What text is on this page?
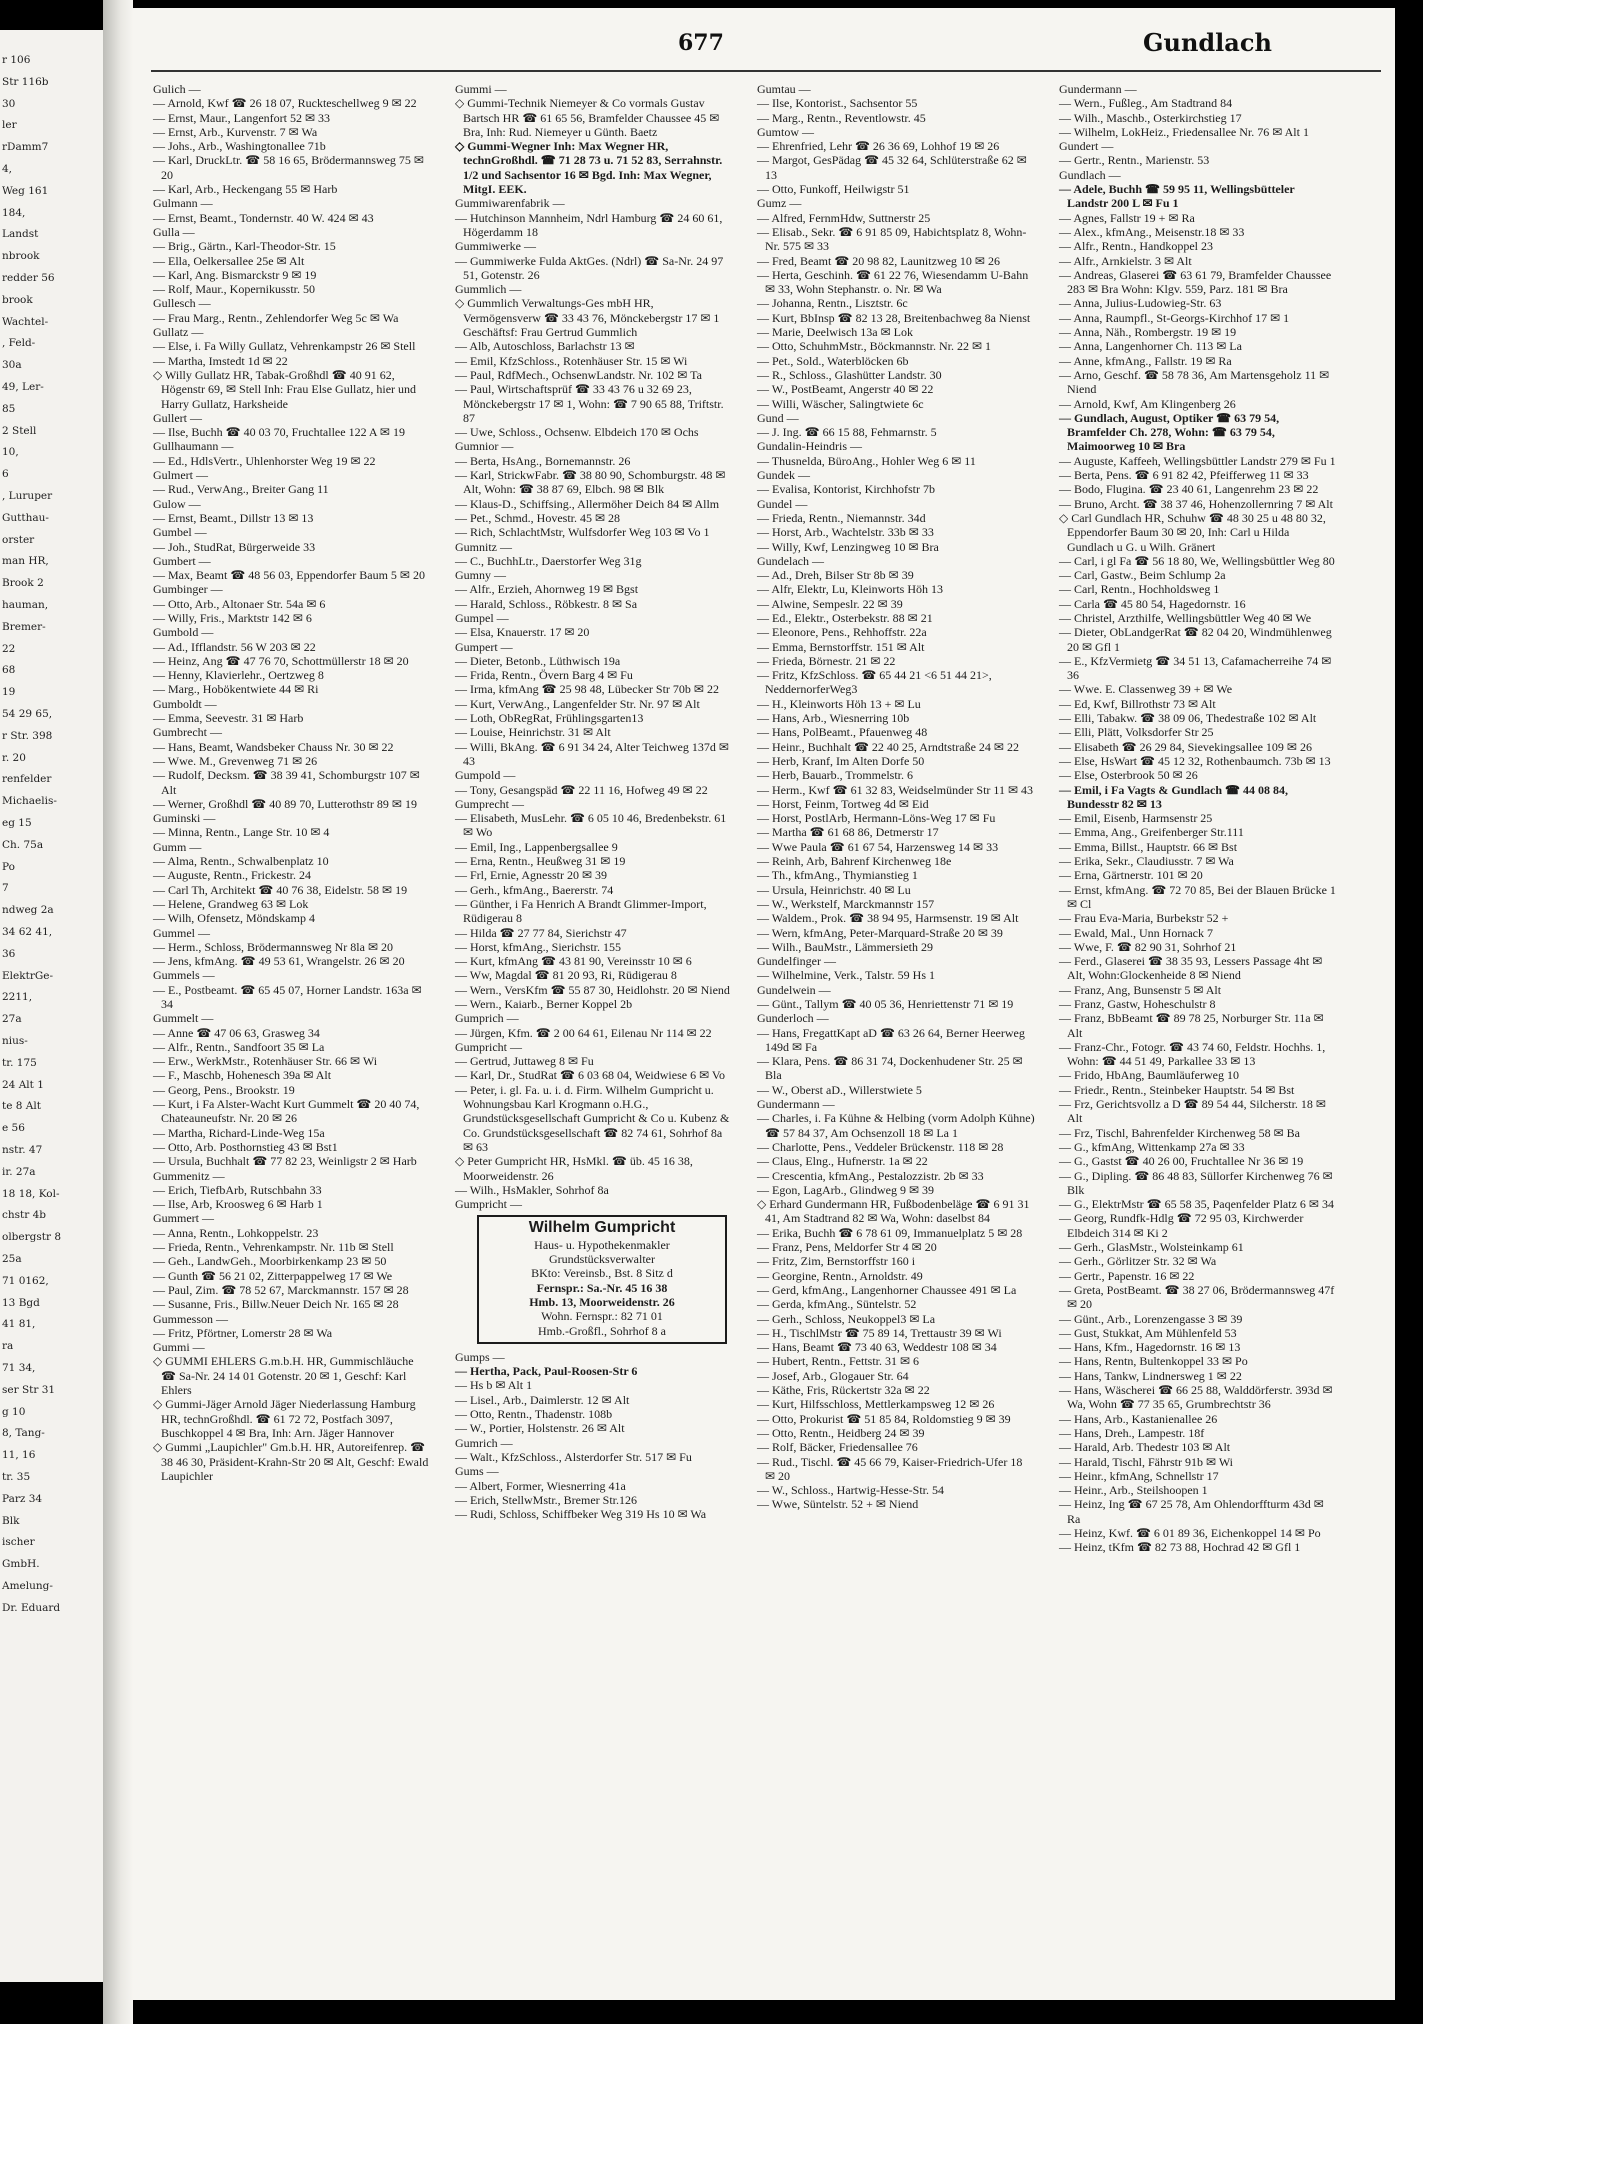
r 106
Str 116b
30
ler
rDamm7
4,
Weg 161
184,
Landst
nbrook
redder 56
brook
Wachtel-
, Feld-
30a
49, Ler-
85
2 Stell
10,
6
, Luruper
Gutthau-
orster
man HR,
Brook 2
hauman,
Bremer-
22
68
19
54 29 65,
r Str. 398
r. 20
renfelder
Michaelis-
eg 15
Ch. 75a
Po
7
ndweg 2a
34 62 41,
36
ElektrGe-
2211,
27a
nius-
tr. 175
24 Alt 1
te 8 Alt
e 56
nstr. 47
ir. 27a
18 18, Kol-
chstr 4b
olbergstr 8
25a
71 0162,
13 Bgd
41 81,
ra
71 34,
ser Str 31
g 10
8, Tang-
11, 16
tr. 35
Parz 34
Blk
ischer
GmbH.
Amelung-
Dr. Eduard
677	Gundlach
Gulich —
— Arnold, Kwf ☎ 26 18 07, Ruckteschellweg 9 ✉ 22
— Ernst, Maur., Langenfort 52 ✉ 33
— Ernst, Arb., Kurvenstr. 7 ✉ Wa
— Johs., Arb., Washingtonallee 71b
— Karl, DruckLtr. ☎ 58 16 65, Brödermannsweg 75 ✉ 20
— Karl, Arb., Heckengang 55 ✉ Harb
Gulmann —
— Ernst, Beamt., Tondernstr. 40 W. 424 ✉ 43
Gulla —
— Brig., Gärtn., Karl-Theodor-Str. 15
— Ella, Oelkersallee 25e ✉ Alt
— Karl, Ang. Bismarckstr 9 ✉ 19
— Rolf, Maur., Kopernikusstr. 50
Gullesch —
— Frau Marg., Rentn., Zehlendorfer Weg 5c ✉ Wa
Gullatz —
— Else, i. Fa Willy Gullatz, Vehrenkampstr 26 ✉ Stell
— Martha, Imstedt 1d ✉ 22
◇ Willy Gullatz HR, Tabak-Großhdl ☎ 40 91 62, Högenstr 69, ✉ Stell Inh: Frau Else Gullatz, hier und Harry Gullatz, Harksheide
Gullert —
— Ilse, Buchh ☎ 40 03 70, Fruchtallee 122 A ✉ 19
Gullhaumann —
— Ed., HdlsVertr., Uhlenhorster Weg 19 ✉ 22
Gulmert —
— Rud., VerwAng., Breiter Gang 11
Gulow —
— Ernst, Beamt., Dillstr 13 ✉ 13
Gumbel —
— Joh., StudRat, Bürgerweide 33
Gumbert —
— Max, Beamt ☎ 48 56 03, Eppendorfer Baum 5 ✉ 20
Gumbinger —
— Otto, Arb., Altonaer Str. 54a ✉ 6
— Willy, Fris., Marktstr 142 ✉ 6
Gumbold —
— Ad., Ifflandstr. 56 W 203 ✉ 22
— Heinz, Ang ☎ 47 76 70, Schottmüllerstr 18 ✉ 20
— Henny, Klavierlehr., Oertzweg 8
— Marg., Hobökentwiete 44 ✉ Ri
Gumboldt —
— Emma, Seevestr. 31 ✉ Harb
Gumbrecht —
— Hans, Beamt, Wandsbeker Chauss Nr. 30 ✉ 22
— Wwe. M., Grevenweg 71 ✉ 26
— Rudolf, Decksm. ☎ 38 39 41, Schomburgstr 107 ✉ Alt
— Werner, Großhdl ☎ 40 89 70, Lutterothstr 89 ✉ 19
Guminski —
— Minna, Rentn., Lange Str. 10 ✉ 4
Gumm —
— Alma, Rentn., Schwalbenplatz 10
— Auguste, Rentn., Frickestr. 24
— Carl Th, Architekt ☎ 40 76 38, Eidelstr. 58 ✉ 19
— Helene, Grandweg 63 ✉ Lok
— Wilh, Ofensetz, Möndskamp 4
Gummel —
— Herm., Schloss, Brödermannsweg Nr 8la ✉ 20
— Jens, kfmAng. ☎ 49 53 61, Wrangelstr. 26 ✉ 20
Gummels —
— E., Postbeamt. ☎ 65 45 07, Horner Landstr. 163a ✉ 34
Gummelt —
— Anne ☎ 47 06 63, Grasweg 34
— Alfr., Rentn., Sandfoort 35 ✉ La
— Erw., WerkMstr., Rotenhäuser Str. 66 ✉ Wi
— F., Maschb, Hohenesch 39a ✉ Alt
— Georg, Pens., Brookstr. 19
— Kurt, i Fa Alster-Wacht Kurt Gummelt ☎ 20 40 74, Chateauneufstr. Nr. 20 ✉ 26
— Martha, Richard-Linde-Weg 15a
— Otto, Arb. Posthornstieg 43 ✉ Bst1
— Ursula, Buchhalt ☎ 77 82 23, Weinligstr 2 ✉ Harb
Gummenitz —
— Erich, TiefbArb, Rutschbahn 33
— Ilse, Arb, Kroosweg 6 ✉ Harb 1
Gummert —
— Anna, Rentn., Lohkoppelstr. 23
— Frieda, Rentn., Vehrenkampstr. Nr. 11b ✉ Stell
— Geh., LandwGeh., Moorbirkenkamp 23 ✉ 50
— Gunth ☎ 56 21 02, Zitterpappelweg 17 ✉ We
— Paul, Zim. ☎ 78 52 67, Marckmannstr. 157 ✉ 28
— Susanne, Fris., Billw.Neuer Deich Nr. 165 ✉ 28
Gummesson —
— Fritz, Pförtner, Lomerstr 28 ✉ Wa
Gummi —
◇ GUMMI EHLERS G.m.b.H. HR, Gummischläuche ☎ Sa-Nr. 24 14 01 Gotenstr. 20 ✉ 1, Geschf: Karl Ehlers
◇ Gummi-Jäger Arnold Jäger Niederlassung Hamburg HR, technGroßhdl. ☎ 61 72 72, Postfach 3097, Buschkoppel 4 ✉ Bra, Inh: Arn. Jäger Hannover
◇ Gummi „Laupichler" Gm.b.H. HR, Autoreifenrep. ☎ 38 46 30, Präsident-Krahn-Str 20 ✉ Alt, Geschf: Ewald Laupichler
Gummi —
◇ Gummi-Technik Niemeyer & Co vormals Gustav Bartsch HR ☎ 61 65 56, Bramfelder Chaussee 45 ✉ Bra, Inh: Rud. Niemeyer u Günth. Baetz
◇ Gummi-Wegner Inh: Max Wegner HR, technGroßhdl. ☎ 71 28 73 u. 71 52 83, Serrahnstr. 1/2 und Sachsentor 16 ✉ Bgd. Inh: Max Wegner, MitgI. EEK.
Gummiwarenfabrik —
— Hutchinson Mannheim, Ndrl Hamburg ☎ 24 60 61, Högerdamm 18
Gummiwerke —
— Gummiwerke Fulda AktGes. (Ndrl) ☎ Sa-Nr. 24 97 51, Gotenstr. 26
Gummlich —
◇ Gummlich Verwaltungs-Ges mbH HR, Vermögensverw ☎ 33 43 76, Mönckebergstr 17 ✉ 1 Geschäftsf: Frau Gertrud Gummlich
— Alb, Autoschloss, Barlachstr 13 ✉
— Emil, KfzSchloss., Rotenhäuser Str. 15 ✉ Wi
— Paul, RdfMech., OchsenwLandstr. Nr. 102 ✉ Ta
— Paul, Wirtschaftsprüf ☎ 33 43 76 u 32 69 23, Mönckebergstr 17 ✉ 1, Wohn: ☎ 7 90 65 88, Triftstr. 87
— Uwe, Schloss., Ochsenw. Elbdeich 170 ✉ Ochs
Gumnior —
— Berta, HsAng., Bornemannstr. 26
— Karl, StrickwFabr. ☎ 38 80 90, Schomburgstr. 48 ✉ Alt, Wohn: ☎ 38 87 69, Elbch. 98 ✉ Blk
— Klaus-D., Schiffsing., Allermöher Deich 84 ✉ Allm
— Pet., Schmd., Hovestr. 45 ✉ 28
— Rich, SchlachtMstr, Wulfsdorfer Weg 103 ✉ Vo 1
Gumnitz —
— C., BuchhLtr., Daerstorfer Weg 31g
Gumny —
— Alfr., Erzieh, Ahornweg 19 ✉ Bgst
— Harald, Schloss., Röbkestr. 8 ✉ Sa
Gumpel —
— Elsa, Knauerstr. 17 ✉ 20
Gumpert —
— Dieter, Betonb., Lüthwisch 19a
— Frida, Rentn., Övern Barg 4 ✉ Fu
— Irma, kfmAng ☎ 25 98 48, Lübecker Str 70b ✉ 22
— Kurt, VerwAng., Langenfelder Str. Nr. 97 ✉ Alt
— Loth, ObRegRat, Frühlingsgarten13
— Louise, Heinrichstr. 31 ✉ Alt
— Willi, BkAng. ☎ 6 91 34 24, Alter Teichweg 137d ✉ 43
Gumpold —
— Tony, Gesangspäd ☎ 22 11 16, Hofweg 49 ✉ 22
Gumprecht —
— Elisabeth, MusLehr. ☎ 6 05 10 46, Bredenbekstr. 61 ✉ Wo
— Emil, Ing., Lappenbergsallee 9
— Erna, Rentn., Heußweg 31 ✉ 19
— Frl, Ernie, Agnesstr 20 ✉ 39
— Gerh., kfmAng., Baererstr. 74
— Günther, i Fa Henrich A Brandt Glimmer-Import, Rüdigerau 8
— Hilda ☎ 27 77 84, Sierichstr 47
— Horst, kfmAng., Sierichstr. 155
— Kurt, kfmAng ☎ 43 81 90, Vereinsstr 10 ✉ 6
— Ww, Magdal ☎ 81 20 93, Ri, Rüdigerau 8
— Wern., VersKfm ☎ 55 87 30, Heidlohstr. 20 ✉ Niend
— Wern., Kaiarb., Berner Koppel 2b
Gumprich —
— Jürgen, Kfm. ☎ 2 00 64 61, Eilenau Nr 114 ✉ 22
Gumpricht —
— Gertrud, Juttaweg 8 ✉ Fu
— Karl, Dr., StudRat ☎ 6 03 68 04, Weidwiese 6 ✉ Vo
— Peter, i. gl. Fa. u. i. d. Firm. Wilhelm Gumpricht u. Wohnungsbau Karl Krogmann o.H.G., Grundstücksgesellschaft Gumpricht & Co u. Kubenz & Co. Grundstücksgesellschaft ☎ 82 74 61, Sohrhof 8a ✉ 63
◇ Peter Gumpricht HR, HsMkl. ☎ üb. 45 16 38, Moorweidenstr. 26
— Wilh., HsMakler, Sohrhof 8a
Gumpricht —
Wilhelm Gumpricht
Haus- u. Hypothekenmakler
Grundstücksverwalter
BKto: Vereinsb., Bst. 8 Sitz d
Fernspr.: Sa.-Nr. 45 16 38
Hmb. 13, Moorweidenstr. 26
Wohn. Fernspr.: 82 71 01
Hmb.-Großfl., Sohrhof 8 a
Gumps —
— Hertha, Pack, Paul-Roosen-Str 6
— Hs b ✉ Alt 1
— Lisel., Arb., Daimlerstr. 12 ✉ Alt
— Otto, Rentn., Thadenstr. 108b
— W., Portier, Holstenstr. 26 ✉ Alt
Gumrich —
— Walt., KfzSchloss., Alsterdorfer Str. 517 ✉ Fu
Gums —
— Albert, Former, Wiesnerring 41a
— Erich, StellwMstr., Bremer Str.126
— Rudi, Schloss, Schiffbeker Weg 319 Hs 10 ✉ Wa
Gumtau —
— Ilse, Kontorist., Sachsentor 55
— Marg., Rentn., Reventlowstr. 45
Gumtow —
— Ehrenfried, Lehr ☎ 26 36 69, Lohhof 19 ✉ 26
— Margot, GesPädag ☎ 45 32 64, Schlüterstraße 62 ✉ 13
— Otto, Funkoff, Heilwigstr 51
Gumz —
— Alfred, FernmHdw, Suttnerstr 25
— Elisab., Sekr. ☎ 6 91 85 09, Habichtsplatz 8, Wohn-Nr. 575 ✉ 33
— Fred, Beamt ☎ 20 98 82, Launitzweg 10 ✉ 26
— Herta, Geschinh. ☎ 61 22 76, Wiesendamm U-Bahn ✉ 33, Wohn Stephanstr. o. Nr. ✉ Wa
— Johanna, Rentn., Lisztstr. 6c
— Kurt, BbInsp ☎ 82 13 28, Breitenbachweg 8a Nienst
— Marie, Deelwisch 13a ✉ Lok
— Otto, SchuhmMstr., Böckmannstr. Nr. 22 ✉ 1
— Pet., Sold., Waterblöcken 6b
— R., Schloss., Glashütter Landstr. 30
— W., PostBeamt, Angerstr 40 ✉ 22
— Willi, Wäscher, Salingtwiete 6c
Gund —
— J. Ing. ☎ 66 15 88, Fehmarnstr. 5
Gundalin-Heindris —
— Thusnelda, BüroAng., Hohler Weg 6 ✉ 11
Gundek —
— Evalisa, Kontorist, Kirchhofstr 7b
Gundel —
— Frieda, Rentn., Niemannstr. 34d
— Horst, Arb., Wachtelstr. 33b ✉ 33
— Willy, Kwf, Lenzingweg 10 ✉ Bra
Gundelach —
— Ad., Dreh, Bilser Str 8b ✉ 39
— Alfr, Elektr, Lu, Kleinworts Höh 13
— Alwine, Sempeslr. 22 ✉ 39
— Ed., Elektr., Osterbekstr. 88 ✉ 21
— Eleonore, Pens., Rehhoffstr. 22a
— Emma, Bernstorffstr. 151 ✉ Alt
— Frieda, Börnestr. 21 ✉ 22
— Fritz, KfzSchloss. ☎ 65 44 21 <6 51 44 21>, NeddernorferWeg3
— H., Kleinworts Höh 13 + ✉ Lu
— Hans, Arb., Wiesnerring 10b
— Hans, PolBeamt., Pfauenweg 48
— Heinr., Buchhalt ☎ 22 40 25, Arndtstraße 24 ✉ 22
— Herb, Kranf, Im Alten Dorfe 50
— Herb, Bauarb., Trommelstr. 6
— Herm., Kwf ☎ 61 32 83, Weidselmünder Str 11 ✉ 43
— Horst, Feinm, Tortweg 4d ✉ Eid
— Horst, PostlArb, Hermann-Löns-Weg 17 ✉ Fu
— Martha ☎ 61 68 86, Detmerstr 17
— Wwe Paula ☎ 61 67 54, Harzensweg 14 ✉ 33
— Reinh, Arb, Bahrenf Kirchenweg 18e
— Th., kfmAng., Thymianstieg 1
— Ursula, Heinrichstr. 40 ✉ Lu
— W., Werkstelf, Marckmannstr 157
— Waldem., Prok. ☎ 38 94 95, Harmsenstr. 19 ✉ Alt
— Wern, kfmAng, Peter-Marquard-Straße 20 ✉ 39
— Wilh., BauMstr., Lämmersieth 29
Gundelfinger —
— Wilhelmine, Verk., Talstr. 59 Hs 1
Gundelwein —
— Günt., Tallym ☎ 40 05 36, Henriettenstr 71 ✉ 19
Gunderloch —
— Hans, FregattKapt aD ☎ 63 26 64, Berner Heerweg 149d ✉ Fa
— Klara, Pens. ☎ 86 31 74, Dockenhudener Str. 25 ✉ Bla
— W., Oberst aD., Willerstwiete 5
Gundermann —
— Charles, i. Fa Kühne & Helbing (vorm Adolph Kühne) ☎ 57 84 37, Am Ochsenzoll 18 ✉ La 1
— Charlotte, Pens., Veddeler Brückenstr. 118 ✉ 28
— Claus, Elng., Hufnerstr. 1a ✉ 22
— Crescentia, kfmAng., Pestalozzistr. 2b ✉ 33
— Egon, LagArb., Glindweg 9 ✉ 39
◇ Erhard Gundermann HR, Fußbodenbeläge ☎ 6 91 31 41, Am Stadtrand 82 ✉ Wa, Wohn: daselbst 84
— Erika, Buchh ☎ 6 78 61 09, Immanuelplatz 5 ✉ 28
— Franz, Pens, Meldorfer Str 4 ✉ 20
— Fritz, Zim, Bernstorffstr 160 i
— Georgine, Rentn., Arnoldstr. 49
— Gerd, kfmAng., Langenhorner Chaussee 491 ✉ La
— Gerda, kfmAng., Süntelstr. 52
— Gerh., Schloss, Neukoppel3 ✉ La
— H., TischlMstr ☎ 75 89 14, Trettaustr 39 ✉ Wi
— Hans, Beamt ☎ 73 40 63, Weddestr 108 ✉ 34
— Hubert, Rentn., Fettstr. 31 ✉ 6
— Josef, Arb., Glogauer Str. 64
— Käthe, Fris, Rückertstr 32a ✉ 22
— Kurt, Hilfsschloss, Mettlerkampsweg 12 ✉ 26
— Otto, Prokurist ☎ 51 85 84, Roldomstieg 9 ✉ 39
— Otto, Rentn., Heidberg 24 ✉ 39
— Rolf, Bäcker, Friedensallee 76
— Rud., Tischl. ☎ 45 66 79, Kaiser-Friedrich-Ufer 18 ✉ 20
— W., Schloss., Hartwig-Hesse-Str. 54
— Wwe, Süntelstr. 52 + ✉ Niend
Gundermann —
— Wern., Fußleg., Am Stadtrand 84
— Wilh., Maschb., Osterkirchstieg 17
— Wilhelm, LokHeiz., Friedensallee Nr. 76 ✉ Alt 1
Gundert —
— Gertr., Rentn., Marienstr. 53
Gundlach —
— Adele, Buchh ☎ 59 95 11, Wellingsbütteler Landstr 200 L ✉ Fu 1
— Agnes, Fallstr 19 + ✉ Ra
— Alex., kfmAng., Meisenstr.18 ✉ 33
— Alfr., Rentn., Handkoppel 23
— Alfr., Arnkielstr. 3 ✉ Alt
— Andreas, Glaserei ☎ 63 61 79, Bramfelder Chaussee 283 ✉ Bra Wohn: Klgv. 559, Parz. 181 ✉ Bra
— Anna, Julius-Ludowieg-Str. 63
— Anna, Raumpfl., St-Georgs-Kirchhof 17 ✉ 1
— Anna, Näh., Rombergstr. 19 ✉ 19
— Anna, Langenhorner Ch. 113 ✉ La
— Anne, kfmAng., Fallstr. 19 ✉ Ra
— Arno, Geschf. ☎ 58 78 36, Am Martensgeholz 11 ✉ Niend
— Arnold, Kwf, Am Klingenberg 26
— Gundlach, August, Optiker ☎ 63 79 54, Bramfelder Ch. 278, Wohn: ☎ 63 79 54, Maimoorweg 10 ✉ Bra
— Auguste, Kaffeeh, Wellingsbüttler Landstr 279 ✉ Fu 1
— Berta, Pens. ☎ 6 91 82 42, Pfeifferweg 11 ✉ 33
— Bodo, Flugina. ☎ 23 40 61, Langenrehm 23 ✉ 22
— Bruno, Archt. ☎ 38 37 46, Hohenzollernring 7 ✉ Alt
◇ Carl Gundlach HR, Schuhw ☎ 48 30 25 u 48 80 32, Eppendorfer Baum 30 ✉ 20, Inh: Carl u Hilda Gundlach u G. u Wilh. Gränert
— Carl, i gl Fa ☎ 56 18 80, We, Wellingsbüttler Weg 80
— Carl, Gastw., Beim Schlump 2a
— Carl, Rentn., Hochholdsweg 1
— Carla ☎ 45 80 54, Hagedornstr. 16
— Christel, Arzthilfe, Wellingsbüttler Weg 40 ✉ We
— Dieter, ObLandgerRat ☎ 82 04 20, Windmühlenweg 20 ✉ Gfl 1
— E., KfzVermietg ☎ 34 51 13, Cafamacherreihe 74 ✉ 36
— Wwe. E. Classenweg 39 + ✉ We
— Ed, Kwf, Billrothstr 73 ✉ Alt
— Elli, Tabakw. ☎ 38 09 06, Thedestraße 102 ✉ Alt
— Elli, Plätt, Volksdorfer Str 25
— Elisabeth ☎ 26 29 84, Sievekingsallee 109 ✉ 26
— Else, HsWart ☎ 45 12 32, Rothenbaumch. 73b ✉ 13
— Else, Osterbrook 50 ✉ 26
— Emil, i Fa Vagts & Gundlach ☎ 44 08 84, Bundesstr 82 ✉ 13
— Emil, Eisenb, Harmsenstr 25
— Emma, Ang., Greifenberger Str.111
— Emma, Billst., Hauptstr. 66 ✉ Bst
— Erika, Sekr., Claudiusstr. 7 ✉ Wa
— Erna, Gärtnerstr. 101 ✉ 20
— Ernst, kfmAng. ☎ 72 70 85, Bei der Blauen Brücke 1 ✉ Cl
— Frau Eva-Maria, Burbekstr 52 +
— Ewald, Mal., Unn Hornack 7
— Wwe, F. ☎ 82 90 31, Sohrhof 21
— Ferd., Glaserei ☎ 38 35 93, Lessers Passage 4ht ✉ Alt, Wohn:Glockenheide 8 ✉ Niend
— Franz, Ang, Bunsenstr 5 ✉ Alt
— Franz, Gastw, Hoheschulstr 8
— Franz, BbBeamt ☎ 89 78 25, Norburger Str. 11a ✉ Alt
— Franz-Chr., Fotogr. ☎ 43 74 60, Feldstr. Hochhs. 1, Wohn: ☎ 44 51 49, Parkallee 33 ✉ 13
— Frido, HbAng, Baumläuferweg 10
— Friedr., Rentn., Steinbeker Hauptstr. 54 ✉ Bst
— Frz, Gerichtsvollz a D ☎ 89 54 44, Silcherstr. 18 ✉ Alt
— Frz, Tischl, Bahrenfelder Kirchenweg 58 ✉ Ba
— G., kfmAng, Wittenkamp 27a ✉ 33
— G., Gastst ☎ 40 26 00, Fruchtallee Nr 36 ✉ 19
— G., Dipling. ☎ 86 48 83, Süllorfer Kirchenweg 76 ✉ Blk
— G., ElektrMstr ☎ 65 58 35, Paqenfelder Platz 6 ✉ 34
— Georg, Rundfk-Hdlg ☎ 72 95 03, Kirchwerder Elbdeich 314 ✉ Ki 2
— Gerh., GlasMstr., Wolsteinkamp 61
— Gerh., Görlitzer Str. 32 ✉ Wa
— Gertr., Papenstr. 16 ✉ 22
— Greta, PostBeamt. ☎ 38 27 06, Brödermannsweg 47f ✉ 20
— Günt., Arb., Lorenzengasse 3 ✉ 39
— Gust, Stukkat, Am Mühlenfeld 53
— Hans, Kfm., Hagedornstr. 16 ✉ 13
— Hans, Rentn, Bultenkoppel 33 ✉ Po
— Hans, Tankw, Lindnersweg 1 ✉ 22
— Hans, Wäscherei ☎ 66 25 88, Walddörferstr. 393d ✉ Wa, Wohn ☎ 77 35 65, Grumbrechtstr 36
— Hans, Arb., Kastanienallee 26
— Hans, Dreh., Lampestr. 18f
— Harald, Arb. Thedestr 103 ✉ Alt
— Harald, Tischl, Fährstr 91b ✉ Wi
— Heinr., kfmAng, Schnellstr 17
— Heinr., Arb., Steilshoopen 1
— Heinz, Ing ☎ 67 25 78, Am Ohlendorffturm 43d ✉ Ra
— Heinz, Kwf. ☎ 6 01 89 36, Eichenkoppel 14 ✉ Po
— Heinz, tKfm ☎ 82 73 88, Hochrad 42 ✉ Gfl 1
